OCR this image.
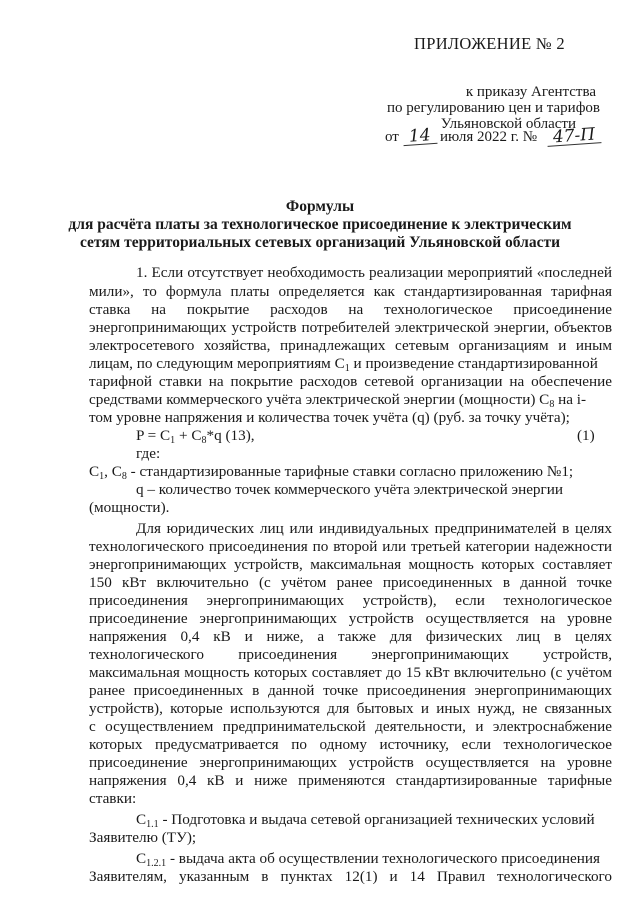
ПРИЛОЖЕНИЕ № 2
к приказу Агентства
по регулированию цен и тарифов
Ульяновской области
от 14 июля 2022 г. № 47-П
Формулы
для расчёта платы за технологическое присоединение к электрическим
сетям территориальных сетевых организаций Ульяновской области
1. Если отсутствует необходимость реализации мероприятий «последней
мили», то формула платы определяется как стандартизированная тарифная
ставка на покрытие расходов на технологическое присоединение
энергопринимающих устройств потребителей электрической энергии, объектов
электросетевого хозяйства, принадлежащих сетевым организациям и иным
лицам, по следующим мероприятиям $С_1$ и произведение стандартизированной
тарифной ставки на покрытие расходов сетевой организации на обеспечение
средствами коммерческого учёта электрической энергии (мощности) $С_8$ на i-
том уровне напряжения и количества точек учёта (q) (руб. за точку учёта);
$P = C_1 + C_8*q$ (13),	(1)
где:
$С_1$, $С_8$ - стандартизированные тарифные ставки согласно приложению №1;
q – количество точек коммерческого учёта электрической энергии
(мощности).
Для юридических лиц или индивидуальных предпринимателей в целях
технологического присоединения по второй или третьей категории надежности
энергопринимающих устройств, максимальная мощность которых составляет
150 кВт включительно (с учётом ранее присоединенных в данной точке
присоединения энергопринимающих устройств), если технологическое
присоединение энергопринимающих устройств осуществляется на уровне
напряжения 0,4 кВ и ниже, а также для физических лиц в целях
технологического присоединения энергопринимающих устройств,
максимальная мощность которых составляет до 15 кВт включительно (с учётом
ранее присоединенных в данной точке присоединения энергопринимающих
устройств), которые используются для бытовых и иных нужд, не связанных
с осуществлением предпринимательской деятельности, и электроснабжение
которых предусматривается по одному источнику, если технологическое
присоединение энергопринимающих устройств осуществляется на уровне
напряжения 0,4 кВ и ниже применяются стандартизированные тарифные
ставки:
$С_{1.1}$ - Подготовка и выдача сетевой организацией технических условий
Заявителю (ТУ);
$С_{1.2.1}$ - выдача акта об осуществлении технологического присоединения
Заявителям, указанным в пунктах 12(1) и 14 Правил технологического
